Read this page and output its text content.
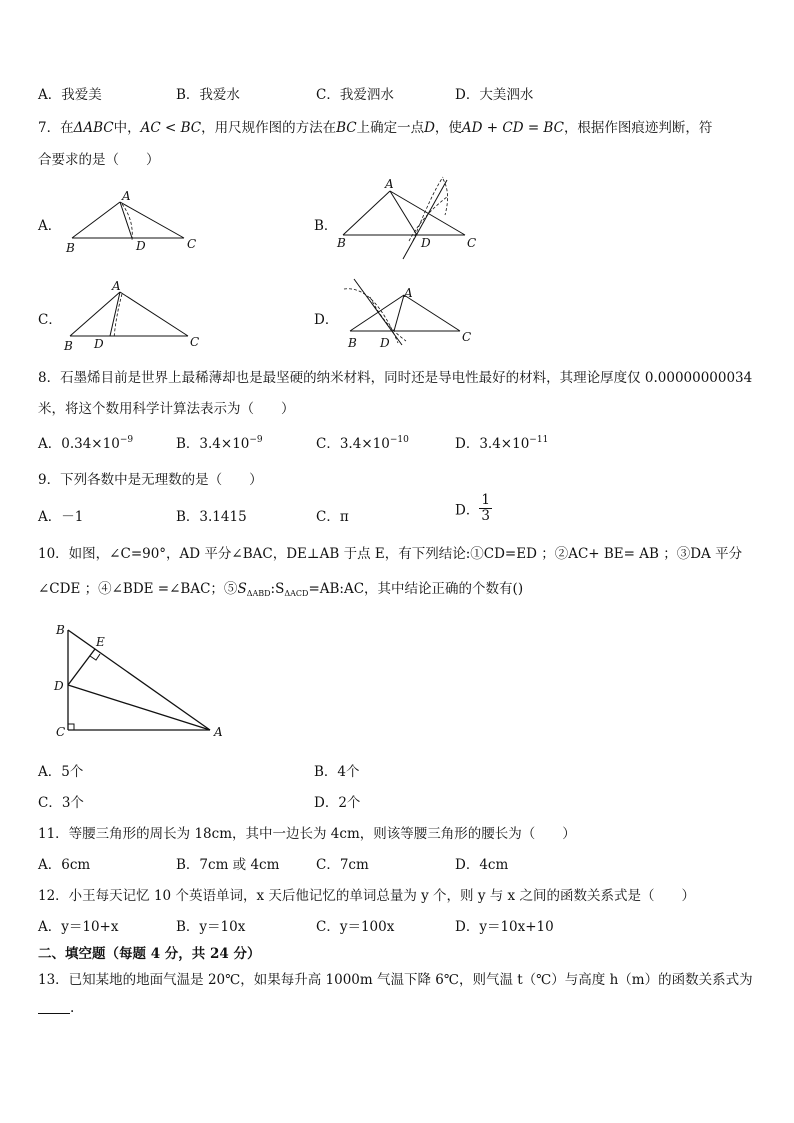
A．我爱美	B．我爱水	C．我爱泗水	D．大美泗水
7．在ΔABC中，AC < BC，用尺规作图的方法在BC上确定一点D，使AD + CD = BC，根据作图痕迹判断，符
合要求的是（　　）
A．	B．
C．	D．
B
A
D	C	B
A
D	C
B
A
D	C	B
A
D	C
8．石墨烯目前是世界上最稀薄却也是最坚硬的纳米材料，同时还是导电性最好的材料，其理论厚度仅 0.00000000034
米，将这个数用科学计算法表示为（　　）
A．$0.34\times 10^{-9}$	B．$3.4\times 10^{-9}$	C．$3.4\times 10^{-10}$	D．$3.4\times 10^{-11}$
9．下列各数中是无理数的是（　　）
A．－1	B．3.1415	C．π	D． $\frac{1}{3}$
10．如图，∠C=90°，AD 平分∠BAC，DE⊥AB 于点 E，有下列结论:①CD=ED ；②AC+ BE= AB ；③DA 平分
∠CDE ；④∠BDE =∠BAC；$⑤S_{\Delta ABD}:S_{\Delta ACD}=AB:AC$，其中结论正确的个数有()
B
E
D
C	A
A．5个	B．4个
C．3个	D．2个
11．等腰三角形的周长为 18cm，其中一边长为 4cm，则该等腰三角形的腰长为（　　）
A．6cm	B．7cm 或 4cm	C．7cm	D．4cm
12．小王每天记忆 10 个英语单词，x 天后他记忆的单词总量为 y 个，则 y 与 x 之间的函数关系式是（　　）
A．y＝10+x	B．y＝10x	C．y＝100x	D．y＝10x+10
二、填空题（每题 4 分，共 24 分）
13．已知某地的地面气温是 20℃，如果每升高 1000m 气温下降 6℃，则气温 t（℃）与高度 h（m）的函数关系式为
.
